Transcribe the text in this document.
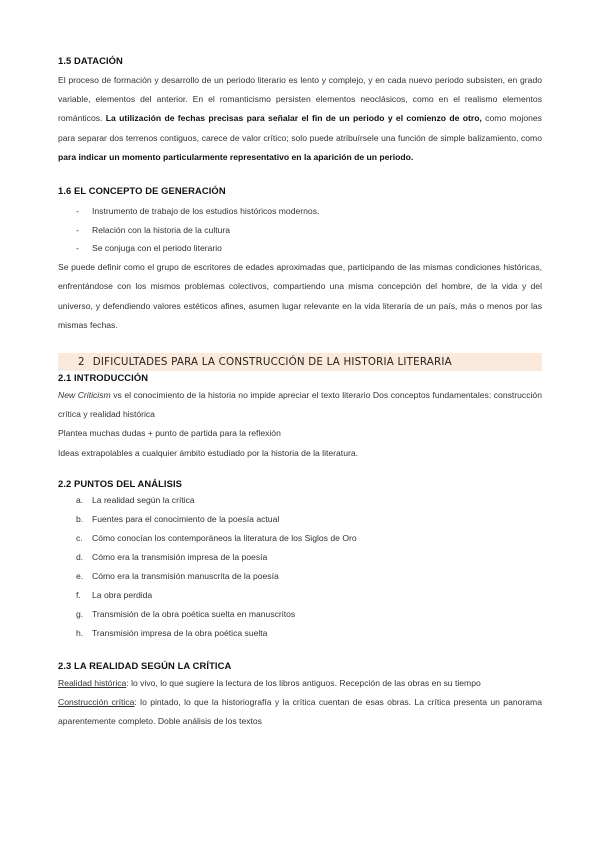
1.5 DATACIÓN

El proceso de formación y desarrollo de un periodo literario es lento y complejo, y en cada nuevo periodo subsisten, en grado variable, elementos del anterior. En el romanticismo persisten elementos neoclásicos, como en el realismo elementos románticos. La utilización de fechas precisas para señalar el fin de un periodo y el comienzo de otro, como mojones para separar dos terrenos contiguos, carece de valor crítico; solo puede atribuírsele una función de simple balizamiento, como para indicar un momento particularmente representativo en la aparición de un periodo.

1.6 EL CONCEPTO DE GENERACIÓN
- Instrumento de trabajo de los estudios históricos modernos.
- Relación con la historia de la cultura
- Se conjuga con el periodo literario

Se puede definir como el grupo de escritores de edades aproximadas que, participando de las mismas condiciones históricas, enfrentándose con los mismos problemas colectivos, compartiendo una misma concepción del hombre, de la vida y del universo, y defendiendo valores estéticos afines, asumen lugar relevante en la vida literaria de un país, más o menos por las mismas fechas.

2 DIFICULTADES PARA LA CONSTRUCCIÓN DE LA HISTORIA LITERARIA
2.1 INTRODUCCIÓN

New Criticism vs el conocimiento de la historia no impide apreciar el texto literario Dos conceptos fundamentales: construcción crítica y realidad histórica

Plantea muchas dudas + punto de partida para la reflexión

Ideas extrapolables a cualquier ámbito estudiado por la historia de la literatura.

2.2 PUNTOS DEL ANÁLISIS
a. La realidad según la crítica
b. Fuentes para el conocimiento de la poesía actual
c. Cómo conocían los contemporáneos la literatura de los Siglos de Oro
d. Cómo era la transmisión impresa de la poesía
e. Cómo era la transmisión manuscrita de la poesía
f. La obra perdida
g. Transmisión de la obra poética suelta en manuscritos
h. Transmisión impresa de la obra poética suelta
2.3 LA REALIDAD SEGÚN LA CRÍTICA

Realidad histórica: lo vivo, lo que sugiere la lectura de los libros antiguos. Recepción de las obras en su tiempo

Construcción crítica: lo pintado, lo que la historiografía y la crítica cuentan de esas obras. La crítica presenta un panorama aparentemente completo. Doble análisis de los textos
